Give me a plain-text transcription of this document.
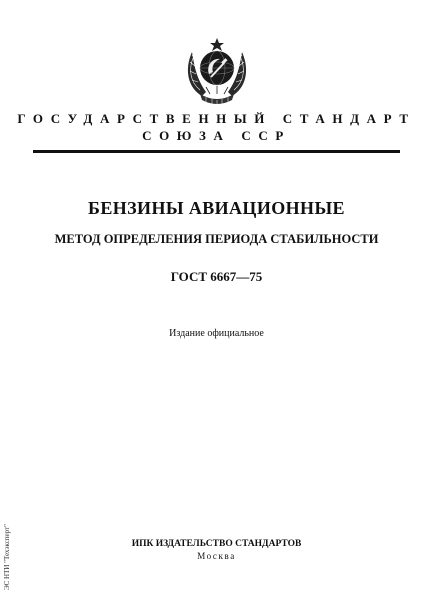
ГОСУДАРСТВЕННЫЙ СТАНДАРТ
СОЮЗА ССР
БЕНЗИНЫ АВИАЦИОННЫЕ
МЕТОД ОПРЕДЕЛЕНИЯ ПЕРИОДА СТАБИЛЬНОСТИ
ГОСТ 6667—75
Издание официальное
ИПК ИЗДАТЕЛЬСТВО СТАНДАРТОВ
Москва
ЭС НТИ "Техэксперт"
